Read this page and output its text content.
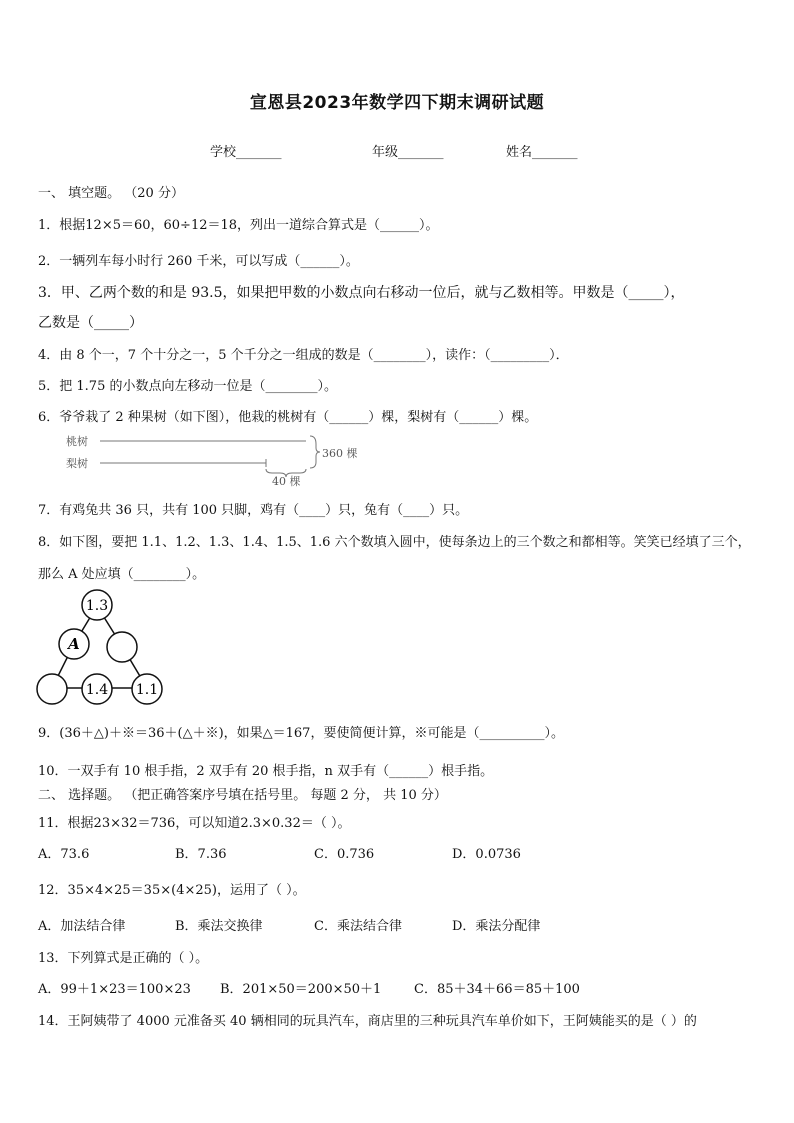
宣恩县2023年数学四下期末调研试题
学校_______	年级_______	姓名_______
一、 填空题。 （20 分）
1．根据12×5＝60，60÷12＝18，列出一道综合算式是（______）。
2．一辆列车每小时行 260 千米，可以写成（______）。
3．甲、乙两个数的和是 93.5，如果把甲数的小数点向右移动一位后，就与乙数相等。甲数是（_____），
乙数是（_____）
4．由 8 个一，7 个十分之一，5 个千分之一组成的数是（________），读作：（_________）．
5．把 1.75 的小数点向左移动一位是（________）。
6．爷爷栽了 2 种果树（如下图），他栽的桃树有（______）棵，梨树有（______）棵。
桃树
梨树
360 棵
40 棵
7．有鸡兔共 36 只，共有 100 只脚，鸡有（____）只，兔有（____）只。
8．如下图，要把 1.1、1.2、1.3、1.4、1.5、1.6 六个数填入圆中，使每条边上的三个数之和都相等。笑笑已经填了三个，
那么 A 处应填（________）。
1.3
A
1.4 1.1
9．(36＋△)＋※＝36＋(△＋※)，如果△＝167，要使简便计算，※可能是（__________）。
10．一双手有 10 根手指，2 双手有 20 根手指，n 双手有（______）根手指。
二、 选择题。 （把正确答案序号填在括号里。 每题 2 分， 共 10 分）
11．根据23×32＝736，可以知道2.3×0.32＝（ ）。
A．73.6	B．7.36	C．0.736	D．0.0736
12．35×4×25＝35×(4×25)，运用了（ ）。
A．加法结合律	B．乘法交换律	C．乘法结合律	D．乘法分配律
13．下列算式是正确的（ ）。
A．99＋1×23＝100×23 B．201×50＝200×50＋1	C．85＋34＋66＝85＋100
14．王阿姨带了 4000 元准备买 40 辆相同的玩具汽车，商店里的三种玩具汽车单价如下，王阿姨能买的是（ ）的
